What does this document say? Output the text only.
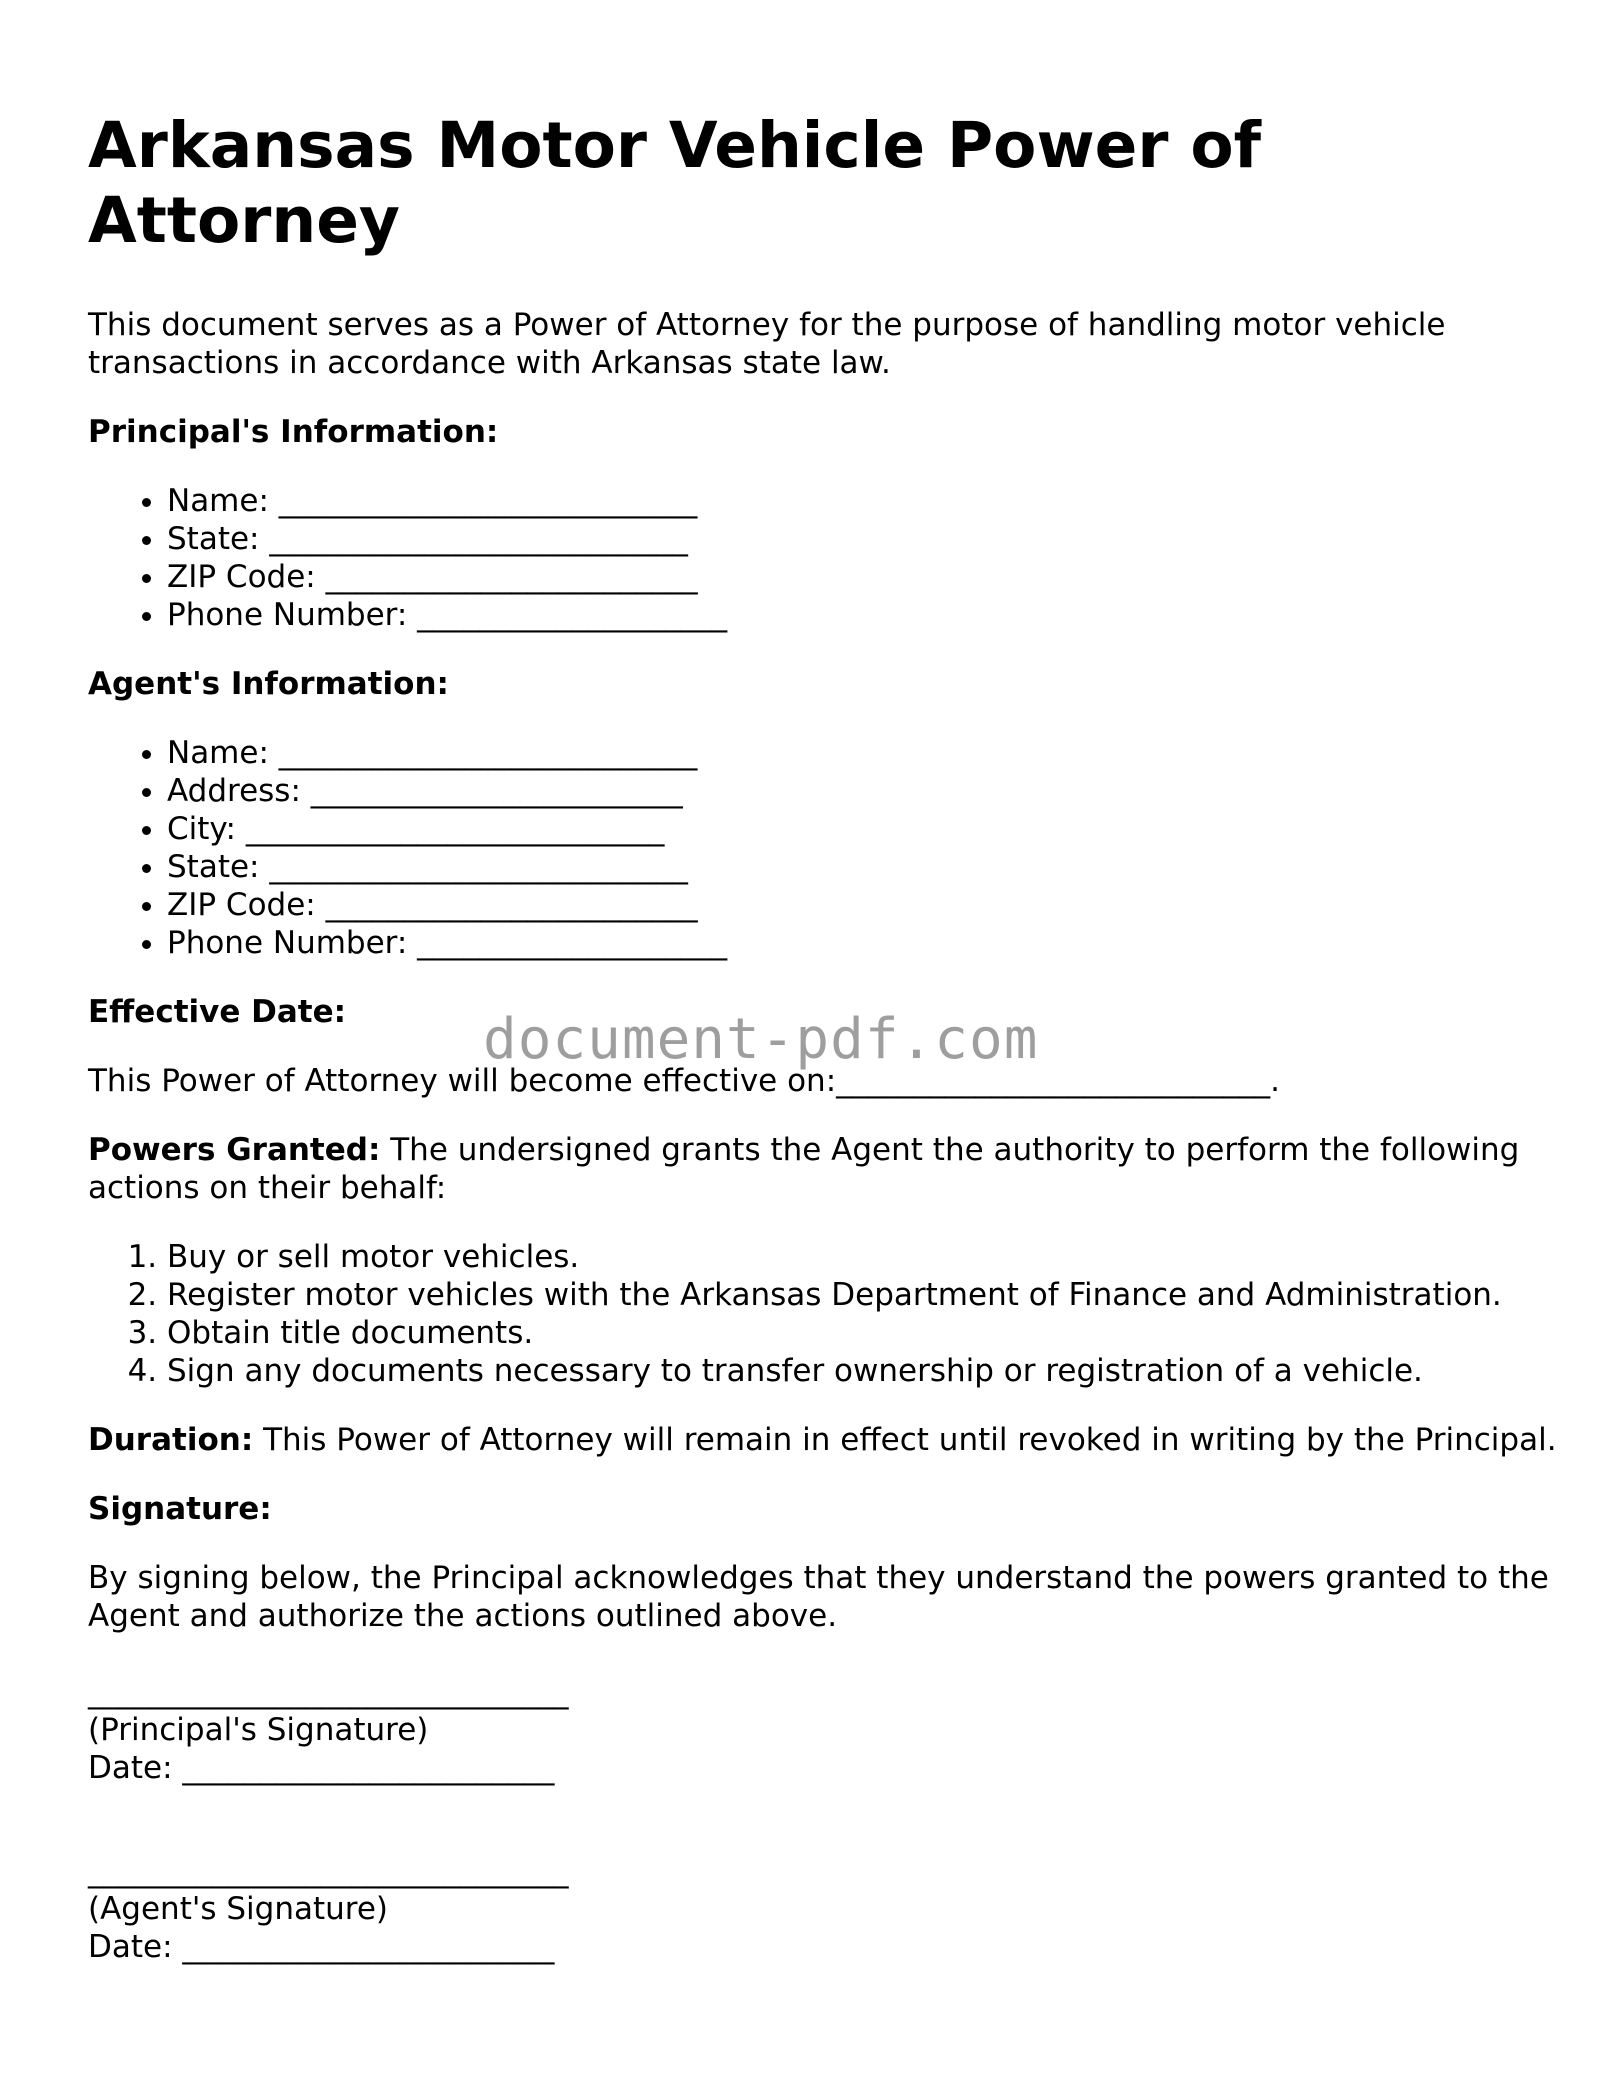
Arkansas Motor Vehicle Power of Attorney

This document serves as a Power of Attorney for the purpose of handling motor vehicle transactions in accordance with Arkansas state law.

Principal's Information:
• Name: ___________________________
• State: ___________________________
• ZIP Code: ________________________
• Phone Number: ____________________
Agent's Information:
• Name: ___________________________
• Address: ________________________
• City: ___________________________
• State: ___________________________
• ZIP Code: ________________________
• Phone Number: ____________________
Effective Date:

This Power of Attorney will become effective on:____________________________.

Powers Granted: The undersigned grants the Agent the authority to perform the following actions on their behalf:

1. Buy or sell motor vehicles.
2. Register motor vehicles with the Arkansas Department of Finance and Administration.
3. Obtain title documents.
4. Sign any documents necessary to transfer ownership or registration of a vehicle.

Duration: This Power of Attorney will remain in effect until revoked in writing by the Principal.

Signature:

By signing below, the Principal acknowledges that they understand the powers granted to the Agent and authorize the actions outlined above.

_______________________________
(Principal's Signature)
Date: ________________________
_______________________________
(Agent's Signature)
Date: ________________________
document-pdf.com
